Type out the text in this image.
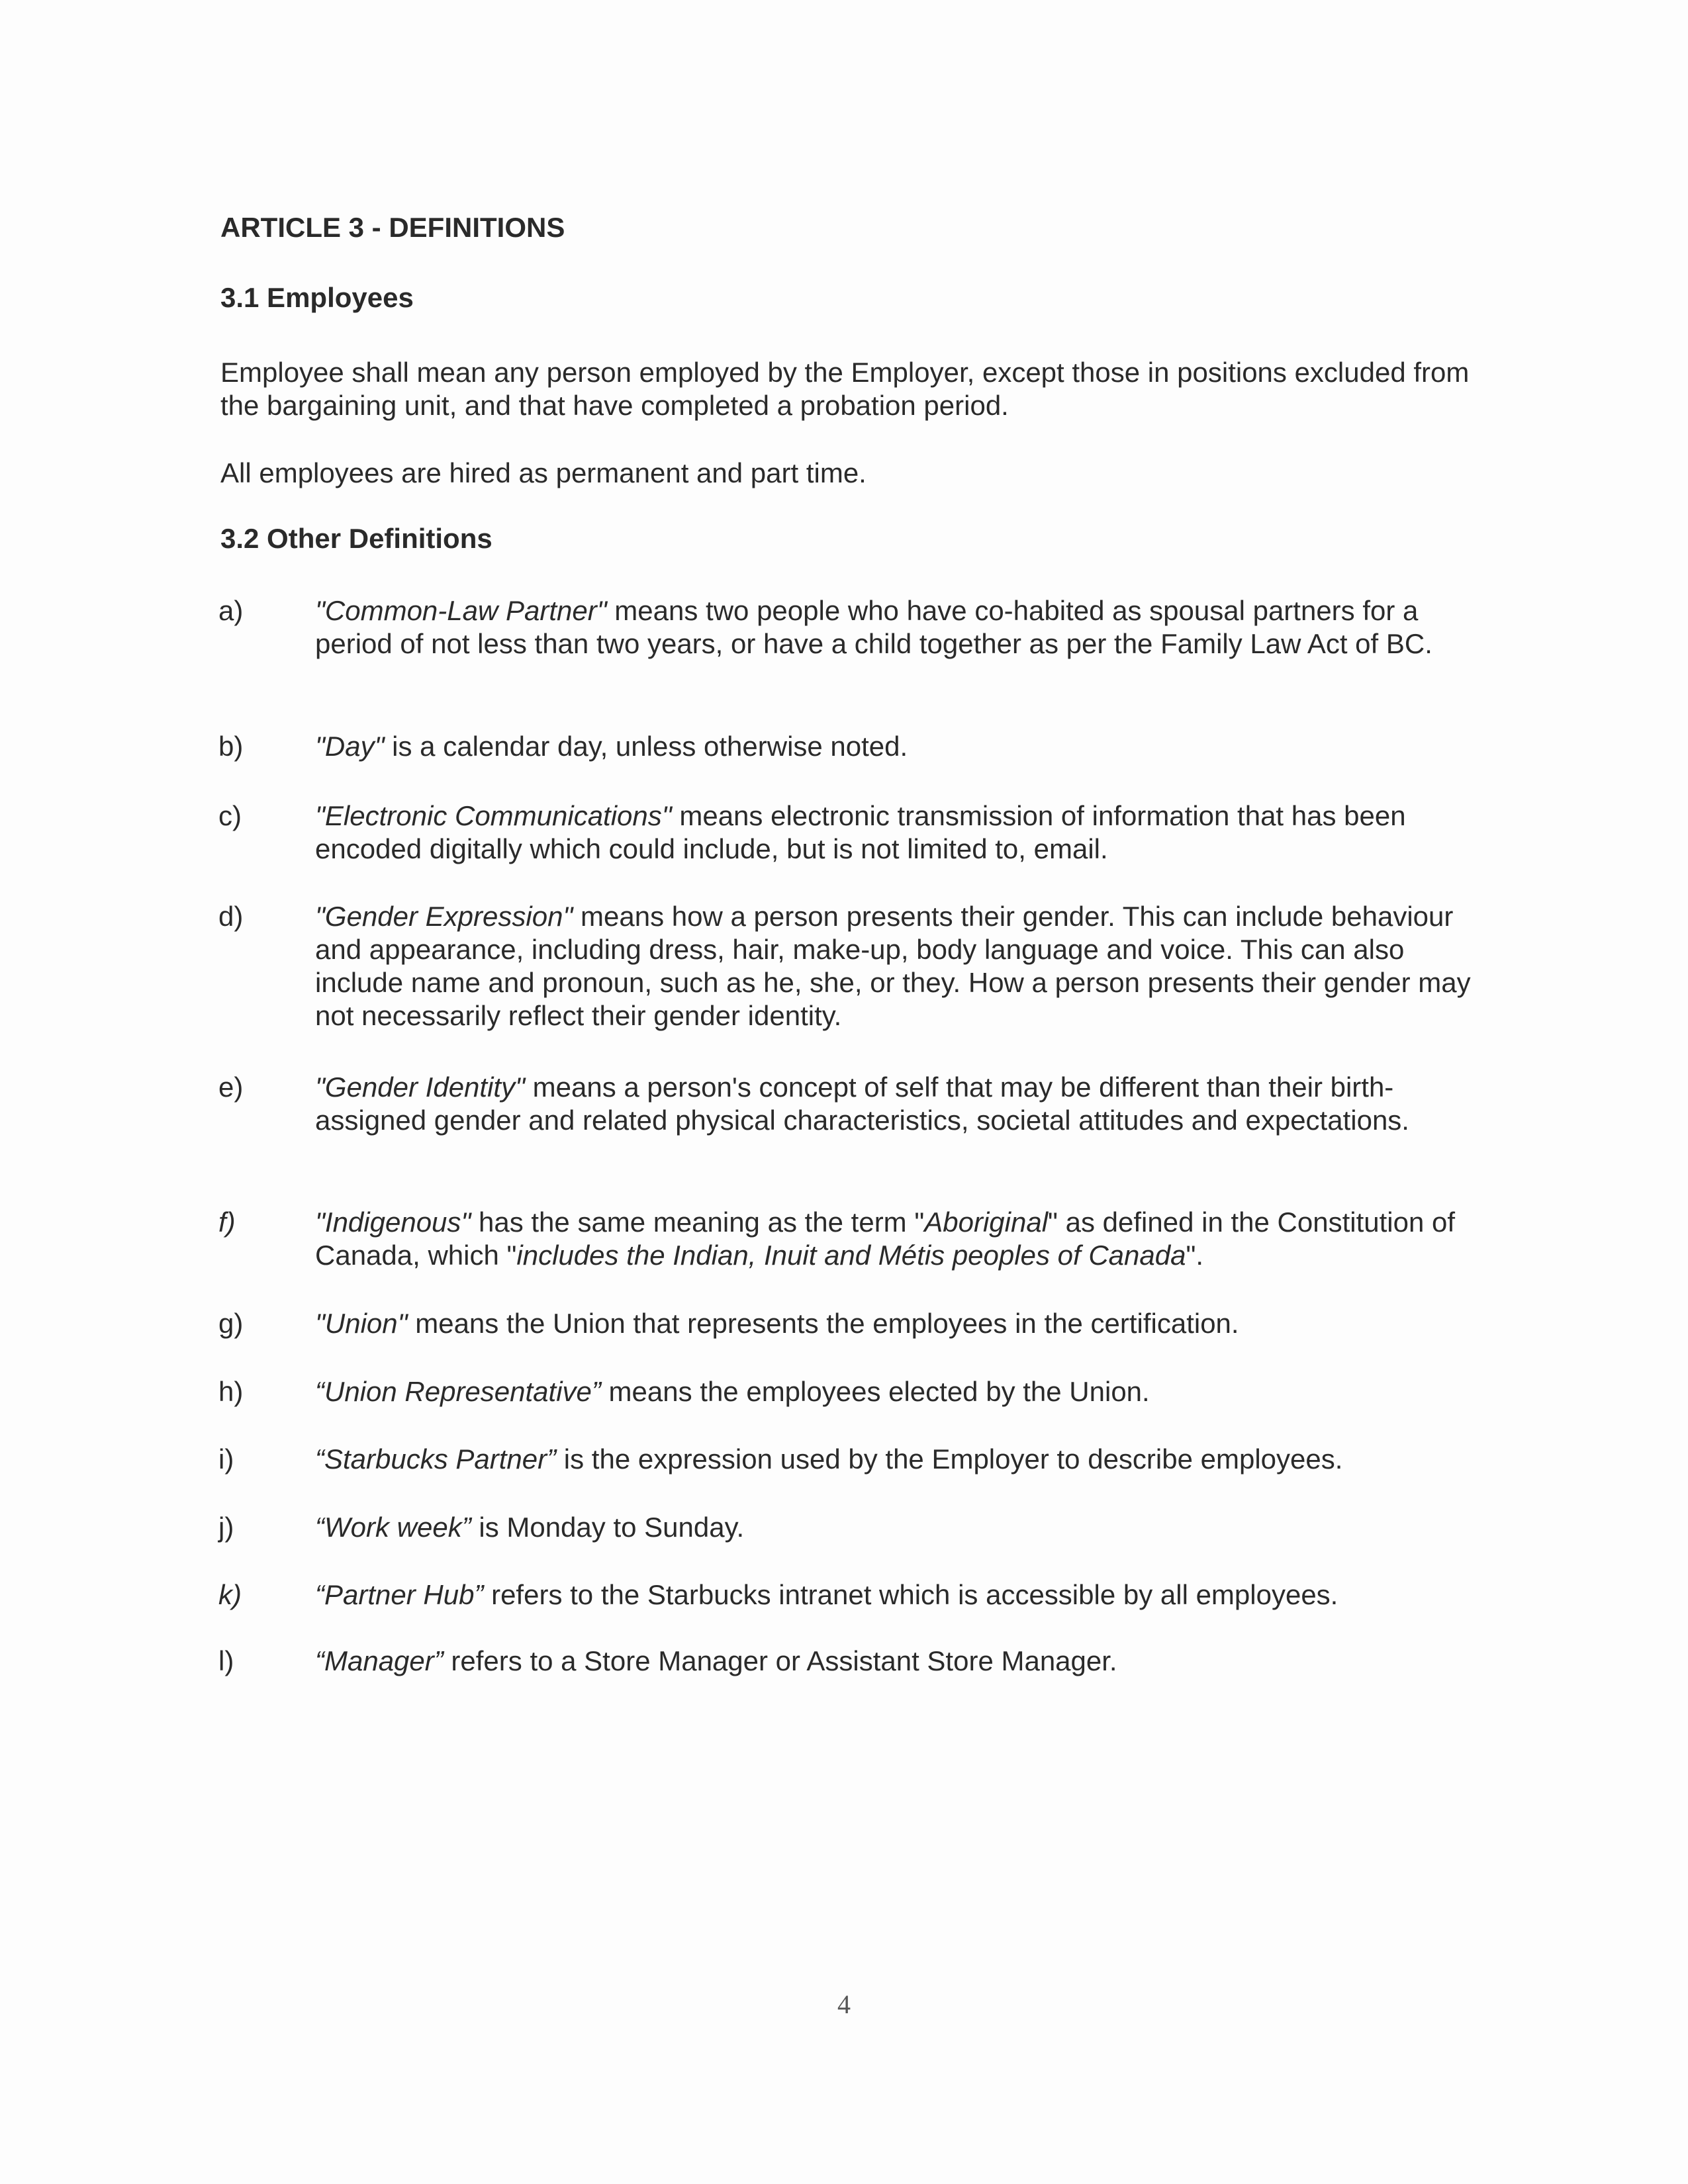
ARTICLE 3 - DEFINITIONS
3.1 Employees

Employee shall mean any person employed by the Employer, except those in positions excluded from the bargaining unit, and that have completed a probation period.

All employees are hired as permanent and part time.

3.2 Other Definitions
a)	"Common-Law Partner" means two people who have co-habited as spousal partners for a period of not less than two years, or have a child together as per the Family Law Act of BC.
b)	"Day" is a calendar day, unless otherwise noted.
c)	"Electronic Communications" means electronic transmission of information that has been encoded digitally which could include, but is not limited to, email.
d)	"Gender Expression" means how a person presents their gender. This can include behaviour and appearance, including dress, hair, make-up, body language and voice. This can also include name and pronoun, such as he, she, or they. How a person presents their gender may not necessarily reflect their gender identity.
e)	"Gender Identity" means a person's concept of self that may be different than their birth-assigned gender and related physical characteristics, societal attitudes and expectations.
f)	"Indigenous" has the same meaning as the term "Aboriginal" as defined in the Constitution of Canada, which "includes the Indian, Inuit and Métis peoples of Canada".
g)	"Union" means the Union that represents the employees in the certification.
h)	“Union Representative” means the employees elected by the Union.
i)	“Starbucks Partner” is the expression used by the Employer to describe employees.
j)	“Work week” is Monday to Sunday.
k)	“Partner Hub” refers to the Starbucks intranet which is accessible by all employees.
l)	“Manager” refers to a Store Manager or Assistant Store Manager.
4
